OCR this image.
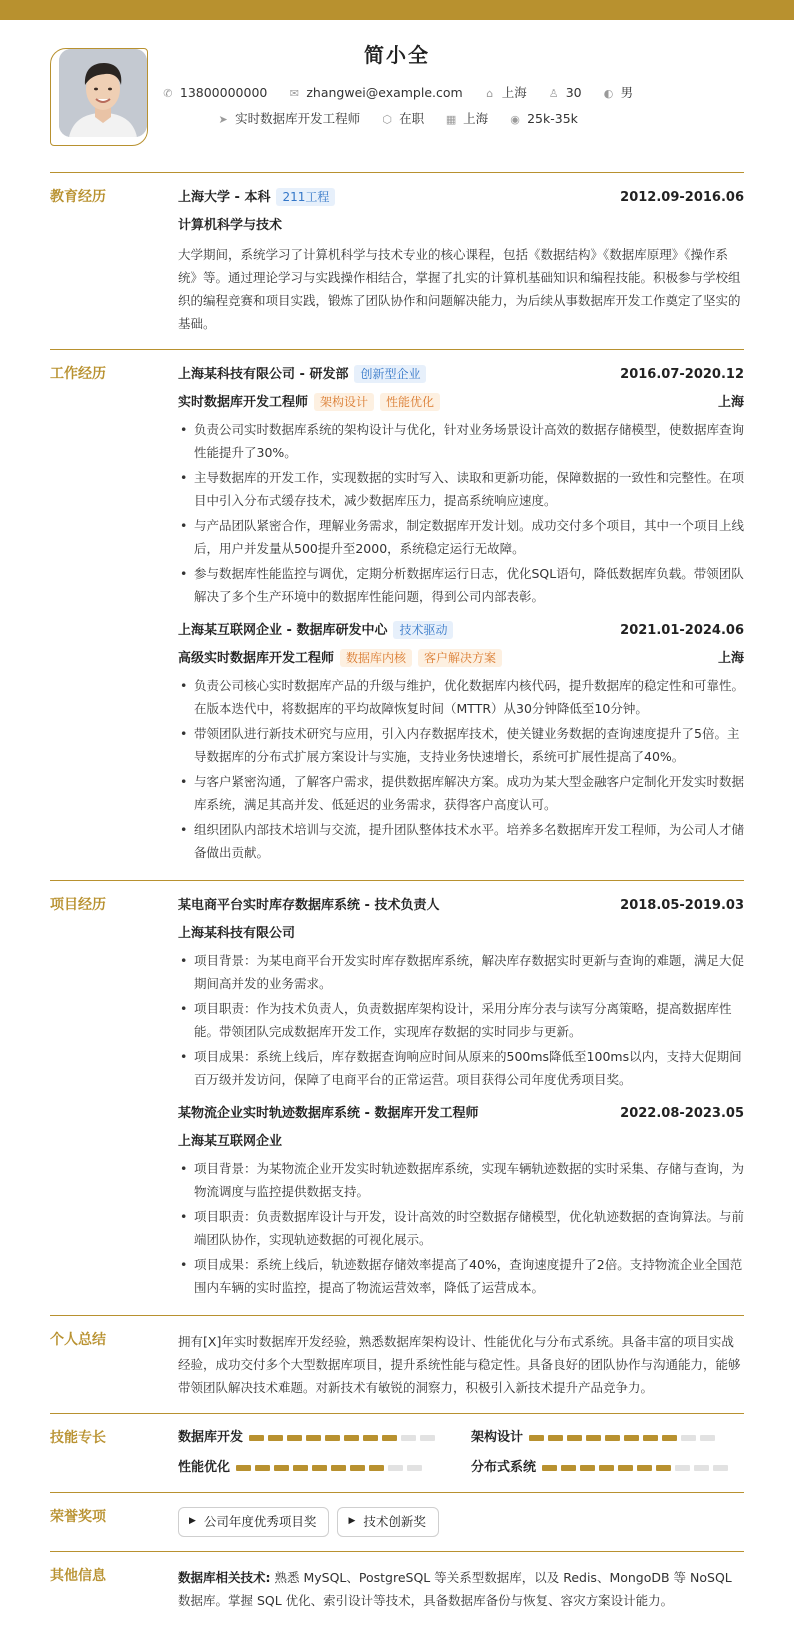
简小全
✆ 13800000000 ✉ zhangwei@example.com ⌂ 上海 ♙ 30 ◐ 男
➤ 实时数据库开发工程师 ⬡ 在职 ▦ 上海 ◉ 25k-35k
教育经历	上海大学 - 本科 211工程	2012.09-2016.06
计算机科学与技术
大学期间，系统学习了计算机科学与技术专业的核心课程，包括《数据结构》《数据库原理》《操作系统》等。通过理论学习与实践操作相结合，掌握了扎实的计算机基础知识和编程技能。积极参与学校组织的编程竞赛和项目实践，锻炼了团队协作和问题解决能力，为后续从事数据库开发工作奠定了坚实的基础。
工作经历	上海某科技有限公司 - 研发部 创新型企业	2016.07-2020.12
实时数据库开发工程师 架构设计 性能优化	上海
• 负责公司实时数据库系统的架构设计与优化，针对业务场景设计高效的数据存储模型，使数据库查询性能提升了30%。
• 主导数据库的开发工作，实现数据的实时写入、读取和更新功能，保障数据的一致性和完整性。在项目中引入分布式缓存技术，减少数据库压力，提高系统响应速度。
• 与产品团队紧密合作，理解业务需求，制定数据库开发计划。成功交付多个项目，其中一个项目上线后，用户并发量从500提升至2000，系统稳定运行无故障。
• 参与数据库性能监控与调优，定期分析数据库运行日志，优化SQL语句，降低数据库负载。带领团队解决了多个生产环境中的数据库性能问题，得到公司内部表彰。
上海某互联网企业 - 数据库研发中心 技术驱动	2021.01-2024.06
高级实时数据库开发工程师 数据库内核 客户解决方案	上海
• 负责公司核心实时数据库产品的升级与维护，优化数据库内核代码，提升数据库的稳定性和可靠性。在版本迭代中，将数据库的平均故障恢复时间（MTTR）从30分钟降低至10分钟。
• 带领团队进行新技术研究与应用，引入内存数据库技术，使关键业务数据的查询速度提升了5倍。主导数据库的分布式扩展方案设计与实施，支持业务快速增长，系统可扩展性提高了40%。
• 与客户紧密沟通，了解客户需求，提供数据库解决方案。成功为某大型金融客户定制化开发实时数据库系统，满足其高并发、低延迟的业务需求，获得客户高度认可。
• 组织团队内部技术培训与交流，提升团队整体技术水平。培养多名数据库开发工程师，为公司人才储备做出贡献。
项目经历	某电商平台实时库存数据库系统 - 技术负责人	2018.05-2019.03
上海某科技有限公司
• 项目背景：为某电商平台开发实时库存数据库系统，解决库存数据实时更新与查询的难题，满足大促期间高并发的业务需求。
• 项目职责：作为技术负责人，负责数据库架构设计，采用分库分表与读写分离策略，提高数据库性能。带领团队完成数据库开发工作，实现库存数据的实时同步与更新。
• 项目成果：系统上线后，库存数据查询响应时间从原来的500ms降低至100ms以内，支持大促期间百万级并发访问，保障了电商平台的正常运营。项目获得公司年度优秀项目奖。
某物流企业实时轨迹数据库系统 - 数据库开发工程师	2022.08-2023.05
上海某互联网企业
• 项目背景：为某物流企业开发实时轨迹数据库系统，实现车辆轨迹数据的实时采集、存储与查询，为物流调度与监控提供数据支持。
• 项目职责：负责数据库设计与开发，设计高效的时空数据存储模型，优化轨迹数据的查询算法。与前端团队协作，实现轨迹数据的可视化展示。
• 项目成果：系统上线后，轨迹数据存储效率提高了40%，查询速度提升了2倍。支持物流企业全国范围内车辆的实时监控，提高了物流运营效率，降低了运营成本。
个人总结	拥有[X]年实时数据库开发经验，熟悉数据库架构设计、性能优化与分布式系统。具备丰富的项目实战经验，成功交付多个大型数据库项目，提升系统性能与稳定性。具备良好的团队协作与沟通能力，能够带领团队解决技术难题。对新技术有敏锐的洞察力，积极引入新技术提升产品竞争力。
技能专长	数据库开发	架构设计
性能优化	分布式系统
荣誉奖项	▶ 公司年度优秀项目奖	▶ 技术创新奖
其他信息	数据库相关技术: 熟悉 MySQL、PostgreSQL 等关系型数据库，以及 Redis、MongoDB 等 NoSQL 数据库。掌握 SQL 优化、索引设计等技术，具备数据库备份与恢复、容灾方案设计能力。
